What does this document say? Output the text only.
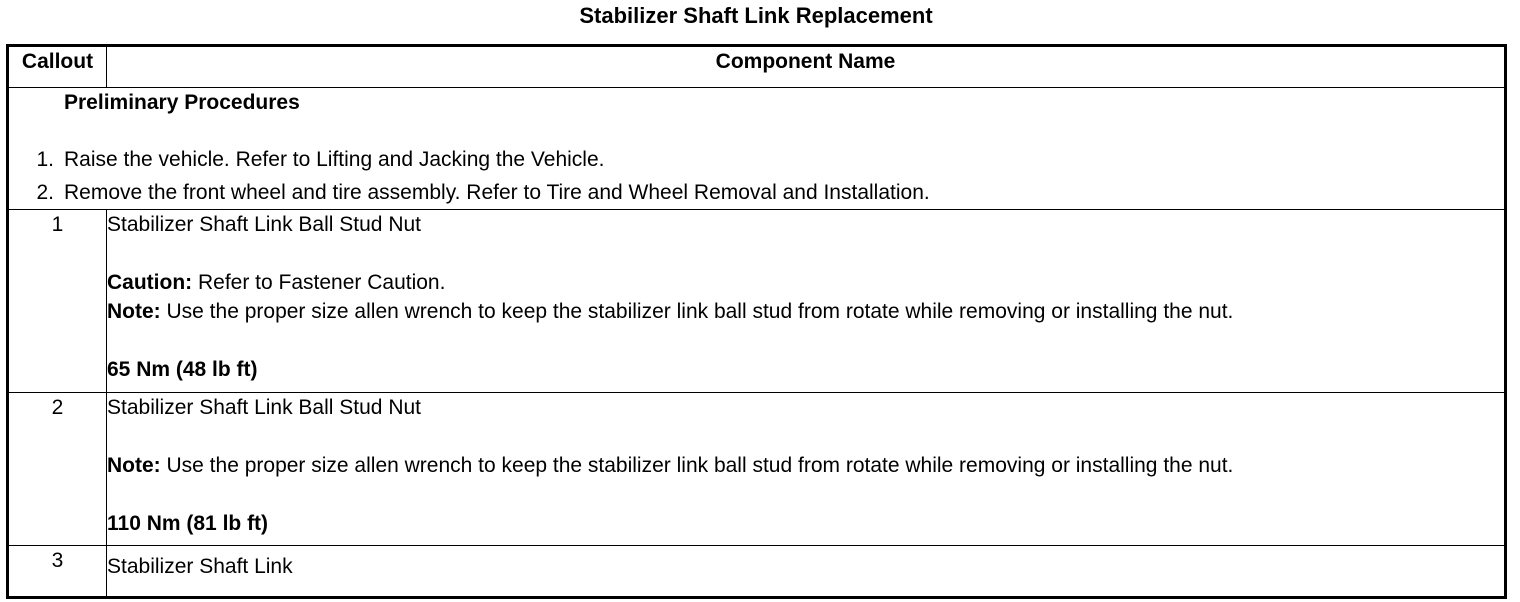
Stabilizer Shaft Link Replacement
Callout	Component Name

Preliminary Procedures
1. Raise the vehicle. Refer to Lifting and Jacking the Vehicle.
2. Remove the front wheel and tire assembly. Refer to Tire and Wheel Removal and Installation.	

1	Stabilizer Shaft Link Ball Stud Nut
Caution: Refer to Fastener Caution.
Note: Use the proper size allen wrench to keep the stabilizer link ball stud from rotate while removing or installing the nut.
65 Nm (48 lb ft)

2	Stabilizer Shaft Link Ball Stud Nut
Note: Use the proper size allen wrench to keep the stabilizer link ball stud from rotate while removing or installing the nut.
110 Nm (81 lb ft)

3	Stabilizer Shaft Link
